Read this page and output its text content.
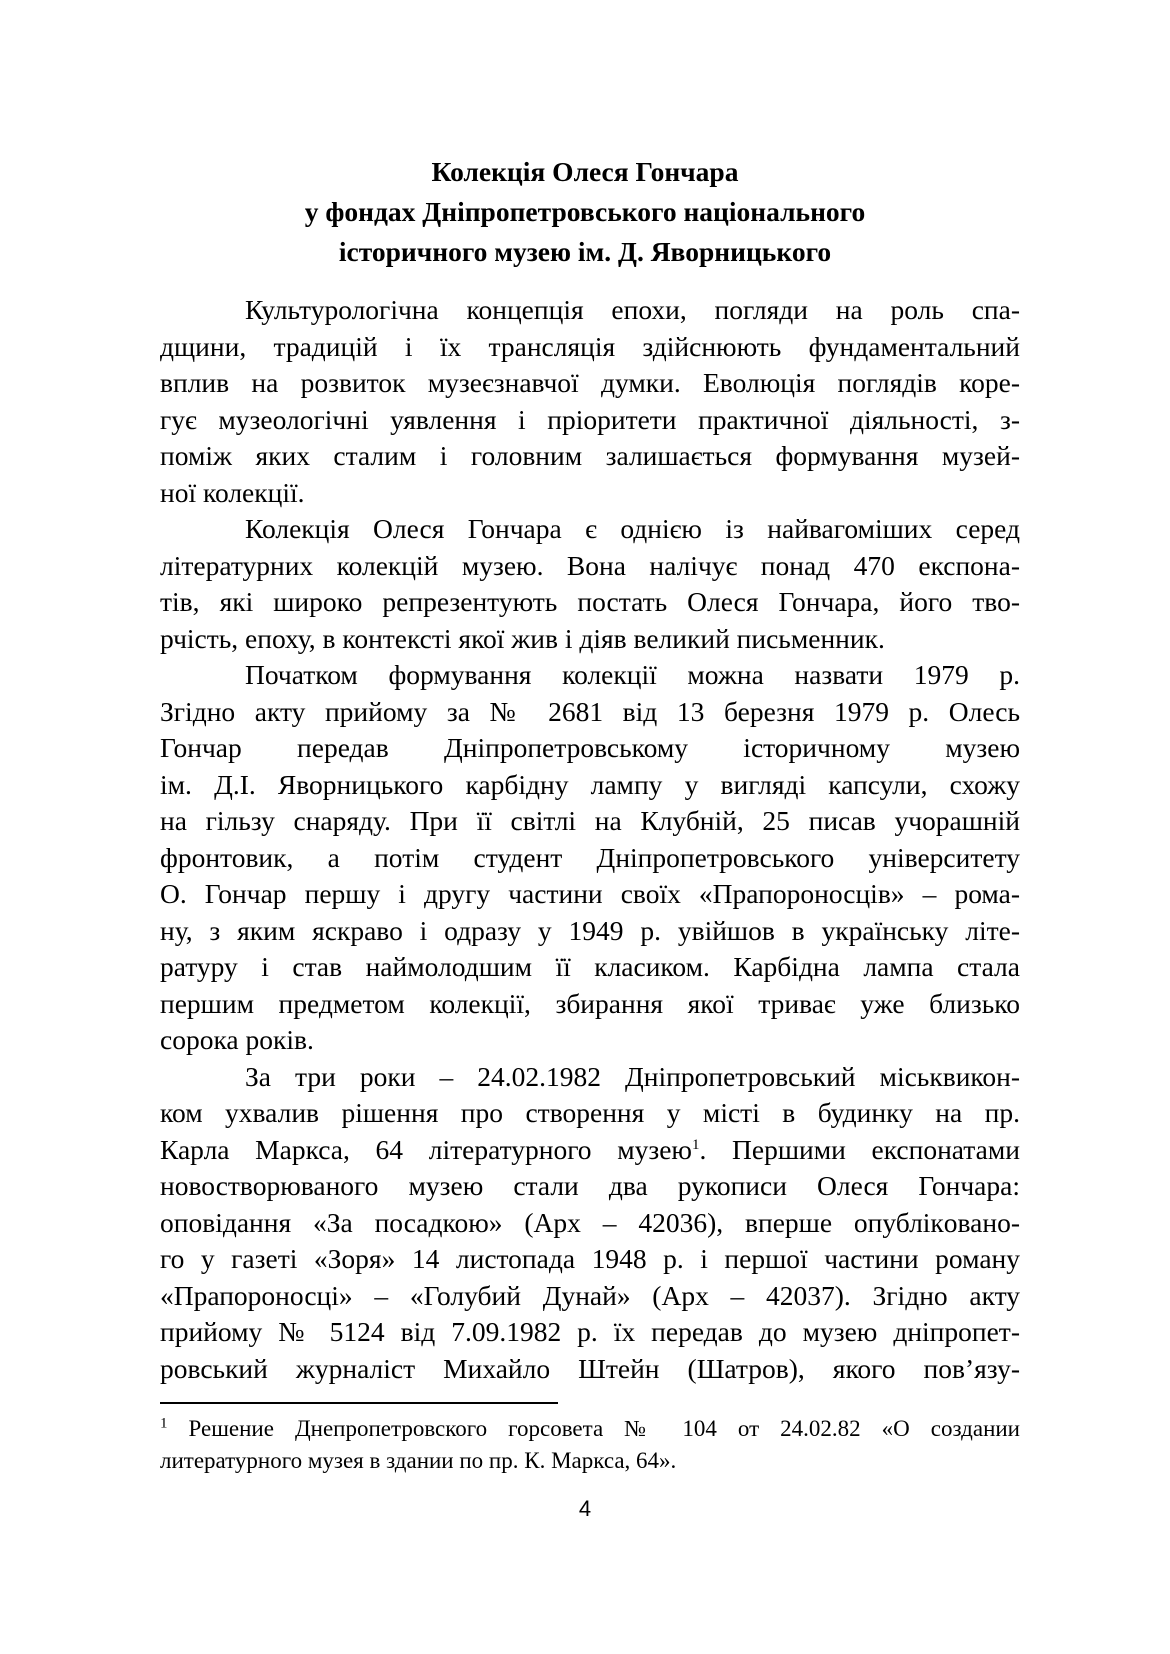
Колекція Олеся Гончара
у фондах Дніпропетровського національного
історичного музею ім. Д. Яворницького
Культурологічна концепція епохи, погляди на роль спа-
дщини, традицій і їх трансляція здійснюють фундаментальний
вплив на розвиток музеєзнавчої думки. Еволюція поглядів коре-
гує музеологічні уявлення і пріоритети практичної діяльності, з-
поміж яких сталим і головним залишається формування музей-
ної колекції.
Колекція Олеся Гончара є однією із найвагоміших серед
літературних колекцій музею. Вона налічує понад 470 експона-
тів, які широко репрезентують постать Олеся Гончара, його тво-
рчість, епоху, в контексті якої жив і діяв великий письменник.
Початком формування колекції можна назвати 1979 р.
Згідно акту прийому за № 2681 від 13 березня 1979 р. Олесь
Гончар передав Дніпропетровському історичному музею
ім. Д.І. Яворницького карбідну лампу у вигляді капсули, схожу
на гільзу снаряду. При її світлі на Клубній, 25 писав учорашній
фронтовик, а потім студент Дніпропетровського університету
О. Гончар першу і другу частини своїх «Прапороносців» – рома-
ну, з яким яскраво і одразу у 1949 р. увійшов в українську літе-
ратуру і став наймолодшим її класиком. Карбідна лампа стала
першим предметом колекції, збирання якої триває уже близько
сорока років.
За три роки – 24.02.1982 Дніпропетровський міськвикон-
ком ухвалив рішення про створення у місті в будинку на пр.
Карла Маркса, 64 літературного музею$^1$. Першими експонатами
новостворюваного музею стали два рукописи Олеся Гончара:
оповідання «За посадкою» (Арх – 42036), вперше опублікoвано-
го у газеті «Зоря» 14 листопада 1948 р. і першої частини роману
«Прапороносці» – «Голубий Дунай» (Арх – 42037). Згідно акту
прийому № 5124 від 7.09.1982 р. їх передав до музею дніпропет-
ровський журналіст Михайло Штейн (Шатров), якого пов’язу-
$^1$ Решение Днепропетровского горсовета № 104 от 24.02.82 «О создании
литературного музея в здании по пр. К. Маркса, 64».
4
